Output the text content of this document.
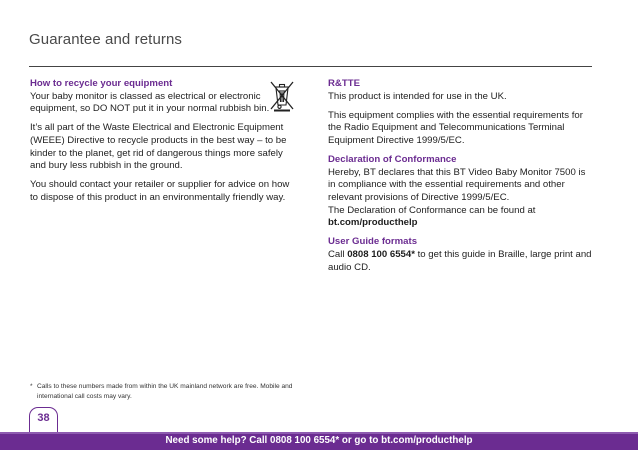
Guarantee and returns

How to recycle your equipment
Your baby monitor is classed as electrical or electronic equipment, so DO NOT put it in your normal rubbish bin.

It’s all part of the Waste Electrical and Electronic Equipment (WEEE) Directive to recycle products in the best way – to be kinder to the planet, get rid of dangerous things more safely and bury less rubbish in the ground.

You should contact your retailer or supplier for advice on how to dispose of this product in an environmentally friendly way.

R&TTE
This product is intended for use in the UK.

This equipment complies with the essential requirements for the Radio Equipment and Telecommunications Terminal Equipment Directive 1999/5/EC.

Declaration of Conformance
Hereby, BT declares that this BT Video Baby Monitor 7500 is in compliance with the essential requirements and other relevant provisions of Directive 1999/5/EC.
The Declaration of Conformance can be found at
bt.com/producthelp

User Guide formats
Call 0808 100 6554* to get this guide in Braille, large print and audio CD.

* Calls to these numbers made from within the UK mainland network are free. Mobile and international call costs may vary.
Need some help? Call 0808 100 6554* or go to bt.com/producthelp
38
